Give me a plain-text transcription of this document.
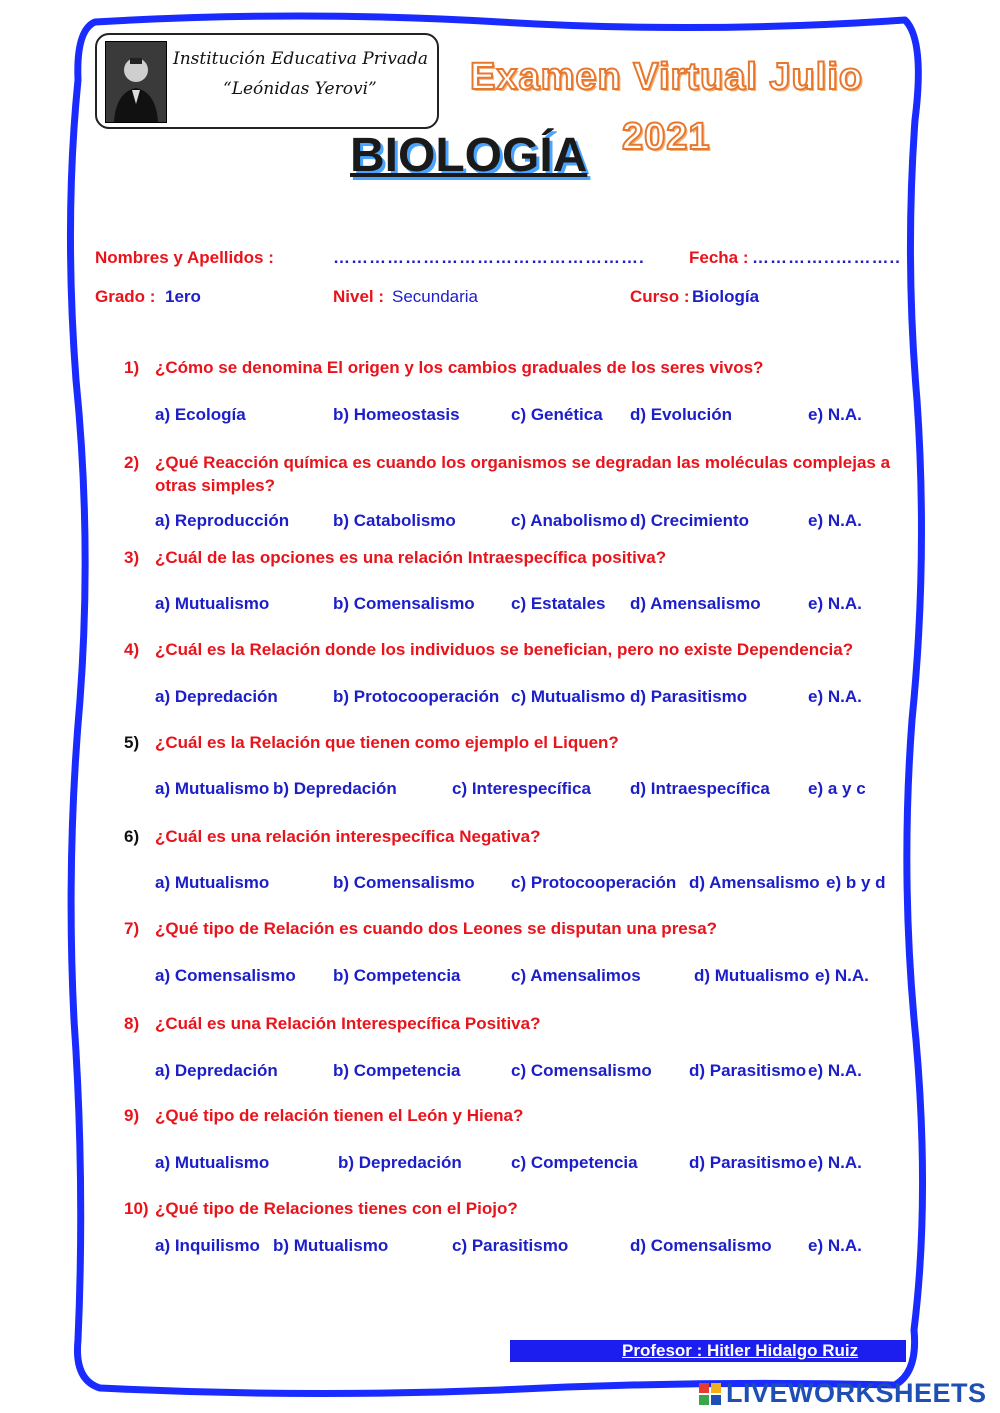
Institución Educativa Privada
“Leónidas Yerovi” Examen Virtual Julio
2021
BIOLOGÍA
Nombres y Apellidos :	…………………………………………….	Fecha : …………..………..
Grado : 1ero	Nivel : Secundaria	Curso : Biología
1) ¿Cómo se denomina El origen y los cambios graduales de los seres vivos?
a) Ecología	b) Homeostasis	c) Genética d) Evolución	e) N.A.
2) ¿Qué Reacción química es cuando los organismos se degradan las moléculas complejas a
otras simples?
a) Reproducción	b) Catabolismo	c) Anabolismo d) Crecimiento	e) N.A.
3) ¿Cuál de las opciones es una relación Intraespecífica positiva?
a) Mutualismo	b) Comensalismo c) Estatales d) Amensalismo	e) N.A.
4) ¿Cuál es la Relación donde los individuos se benefician, pero no existe Dependencia?
a) Depredación	b) Protocooperación c) Mutualismo d) Parasitismo	e) N.A.
5) ¿Cuál es la Relación que tienen como ejemplo el Liquen?
a) Mutualismo b) Depredación	c) Interespecífica d) Intraespecífica e) a y c
6) ¿Cuál es una relación interespecífica Negativa?
a) Mutualismo	b) Comensalismo c) Protocooperación d) Amensalismo e) b y d
7) ¿Qué tipo de Relación es cuando dos Leones se disputan una presa?
a) Comensalismo b) Competencia	c) Amensalimos	d) Mutualismo e) N.A.
8) ¿Cuál es una Relación Interespecífica Positiva?
a) Depredación	b) Competencia	c) Comensalismo d) Parasitismo e) N.A.
9) ¿Qué tipo de relación tienen el León y Hiena?
a) Mutualismo	b) Depredación	c) Competencia	d) Parasitismo e) N.A.
10) ¿Qué tipo de Relaciones tienes con el Piojo?
a) Inquilismo b) Mutualismo	c) Parasitismo	d) Comensalismo e) N.A.
Profesor : Hitler Hidalgo Ruiz
LIVEWORKSHEETS
